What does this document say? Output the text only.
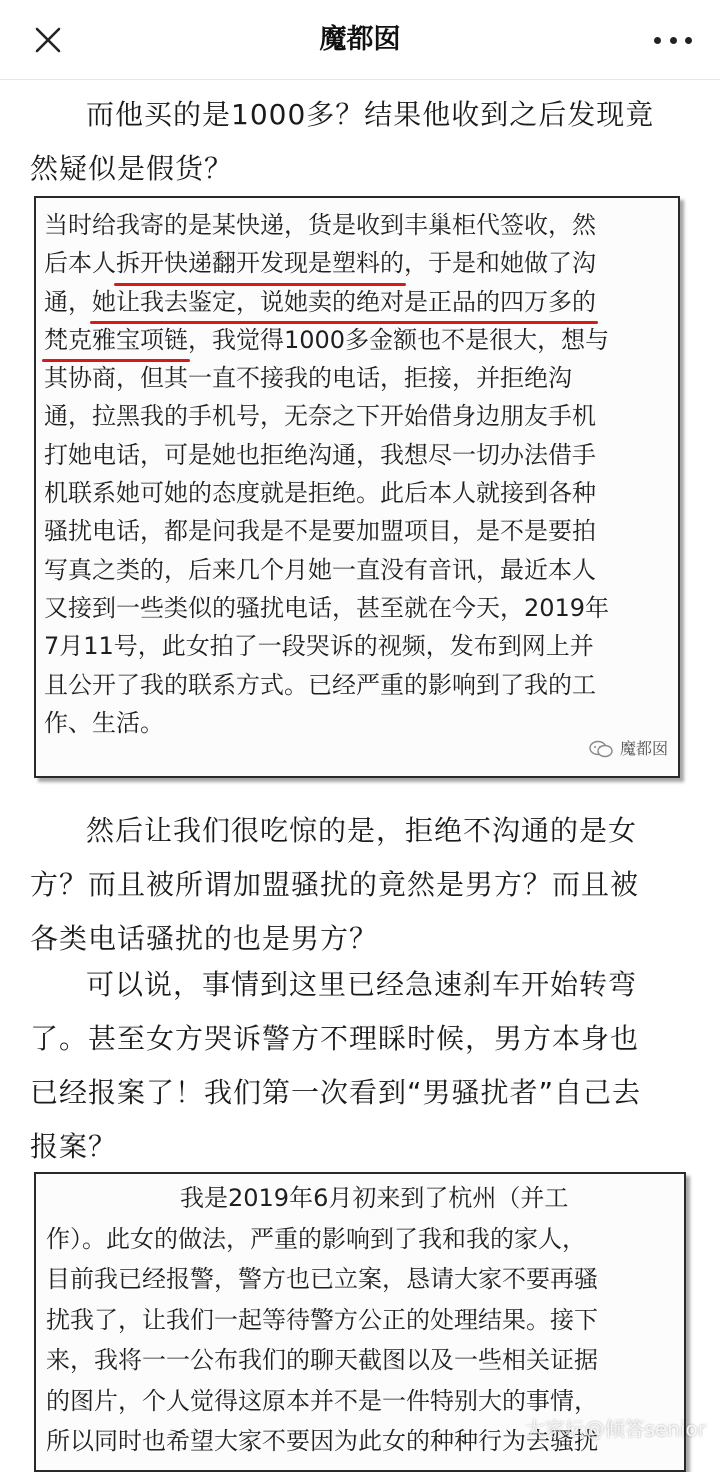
魔都囡
而他买的是1000多？结果他收到之后发现竟
然疑似是假货？
当时给我寄的是某快递，货是收到丰巢柜代签收，然
后本人拆开快递翻开发现是塑料的，于是和她做了沟
通，她让我去鉴定，说她卖的绝对是正品的四万多的
梵克雅宝项链，我觉得1000多金额也不是很大，想与
其协商，但其一直不接我的电话，拒接，并拒绝沟
通，拉黑我的手机号，无奈之下开始借身边朋友手机
打她电话，可是她也拒绝沟通，我想尽一切办法借手
机联系她可她的态度就是拒绝。此后本人就接到各种
骚扰电话，都是问我是不是要加盟项目，是不是要拍
写真之类的，后来几个月她一直没有音讯，最近本人
又接到一些类似的骚扰电话，甚至就在今天，2019年
7月11号，此女拍了一段哭诉的视频，发布到网上并
且公开了我的联系方式。已经严重的影响到了我的工
作、生活。
魔都囡
然后让我们很吃惊的是，拒绝不沟通的是女
方？而且被所谓加盟骚扰的竟然是男方？而且被
各类电话骚扰的也是男方？
可以说，事情到这里已经急速刹车开始转弯
了。甚至女方哭诉警方不理睬时候，男方本身也
已经报案了！我们第一次看到“男骚扰者”自己去
报案？
我是2019年6月初来到了杭州（并工
作）。此女的做法，严重的影响到了我和我的家人，
目前我已经报警，警方也已立案，恳请大家不要再骚
扰我了，让我们一起等待警方公正的处理结果。接下
来，我将一一公布我们的聊天截图以及一些相关证据
的图片，个人觉得这原本并不是一件特别大的事情，
所以同时也希望大家不要因为此女的种种行为去骚扰
大家坛@倾答senior
